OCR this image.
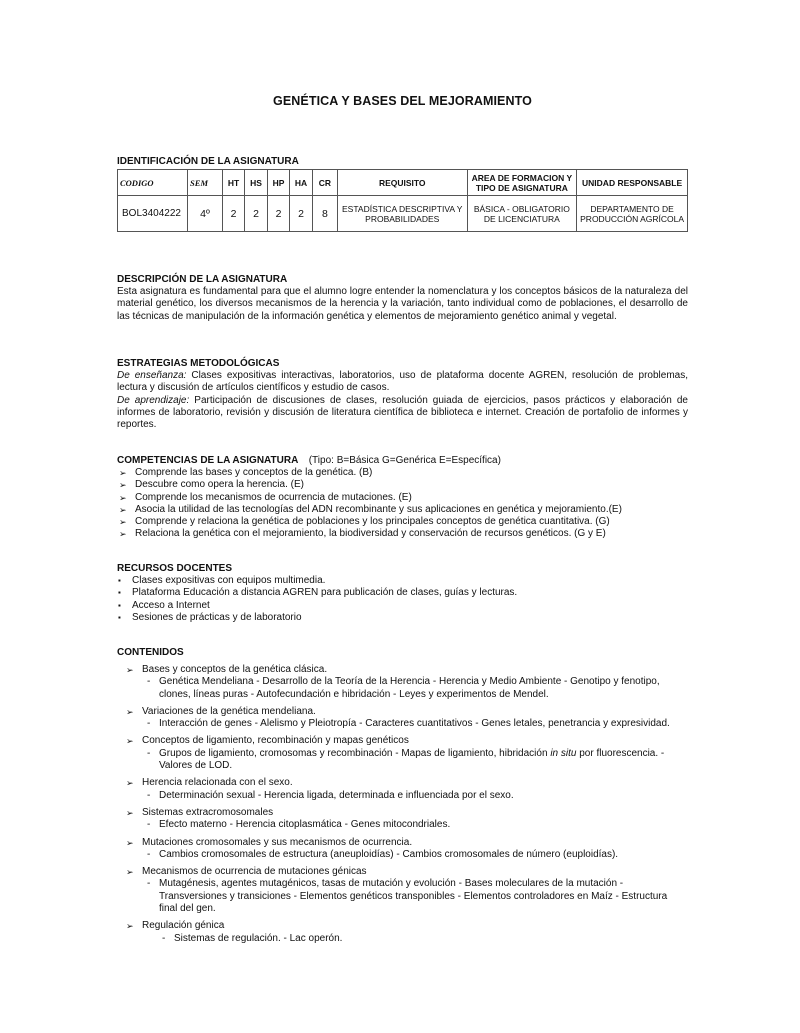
GENÉTICA Y BASES DEL MEJORAMIENTO
IDENTIFICACIÓN DE LA ASIGNATURA
CODIGO	SEM	HT	HS	HP	HA	CR	REQUISITO	AREA DE FORMACION Y TIPO DE ASIGNATURA	UNIDAD RESPONSABLE
BOL3404222	4º	2	2	2	2	8	ESTADÍSTICA DESCRIPTIVA Y PROBABILIDADES	BÁSICA - OBLIGATORIO DE LICENCIATURA	DEPARTAMENTO DE PRODUCCIÓN AGRÍCOLA
DESCRIPCIÓN DE LA ASIGNATURA
Esta asignatura es fundamental para que el alumno logre entender la nomenclatura y los conceptos básicos de la naturaleza del material genético, los diversos mecanismos de la herencia y la variación, tanto individual como de poblaciones, el desarrollo de las técnicas de manipulación de la información genética y elementos de mejoramiento genético animal y vegetal.
ESTRATEGIAS METODOLÓGICAS
De enseñanza: Clases expositivas interactivas, laboratorios, uso de plataforma docente AGREN, resolución de problemas, lectura y discusión de artículos científicos y estudio de casos.
De aprendizaje: Participación de discusiones de clases, resolución guiada de ejercicios, pasos prácticos y elaboración de informes de laboratorio, revisión y discusión de literatura científica de biblioteca e internet. Creación de portafolio de informes y reportes.
COMPETENCIAS DE LA ASIGNATURA (Tipo: B=Básica G=Genérica E=Específica)
➢ Comprende las bases y conceptos de la genética. (B)
➢ Descubre como opera la herencia. (E)
➢ Comprende los mecanismos de ocurrencia de mutaciones. (E)
➢ Asocia la utilidad de las tecnologías del ADN recombinante y sus aplicaciones en genética y mejoramiento.(E)
➢ Comprende y relaciona la genética de poblaciones y los principales conceptos de genética cuantitativa. (G)
➢ Relaciona la genética con el mejoramiento, la biodiversidad y conservación de recursos genéticos. (G y E)
RECURSOS DOCENTES
▪ Clases expositivas con equipos multimedia.
▪ Plataforma Educación a distancia AGREN para publicación de clases, guías y lecturas.
▪ Acceso a Internet
▪ Sesiones de prácticas y de laboratorio
CONTENIDOS
➢ Bases y conceptos de la genética clásica.
- Genética Mendeliana - Desarrollo de la Teoría de la Herencia - Herencia y Medio Ambiente - Genotipo y fenotipo, clones, líneas puras - Autofecundación e hibridación - Leyes y experimentos de Mendel.
➢ Variaciones de la genética mendeliana.
- Interacción de genes - Alelismo y Pleiotropía - Caracteres cuantitativos - Genes letales, penetrancia y expresividad.
➢ Conceptos de ligamiento, recombinación y mapas genéticos
- Grupos de ligamiento, cromosomas y recombinación - Mapas de ligamiento, hibridación in situ por fluorescencia. - Valores de LOD.
➢ Herencia relacionada con el sexo.
- Determinación sexual - Herencia ligada, determinada e influenciada por el sexo.
➢ Sistemas extracromosomales
- Efecto materno - Herencia citoplasmática - Genes mitocondriales.
➢ Mutaciones cromosomales y sus mecanismos de ocurrencia.
- Cambios cromosomales de estructura (aneuploidías) - Cambios cromosomales de número (euploidías).
➢ Mecanismos de ocurrencia de mutaciones génicas
- Mutagénesis, agentes mutagénicos, tasas de mutación y evolución - Bases moleculares de la mutación - Transversiones y transiciones - Elementos genéticos transponibles - Elementos controladores en Maíz - Estructura final del gen.
➢ Regulación génica
- Sistemas de regulación. - Lac operón.
